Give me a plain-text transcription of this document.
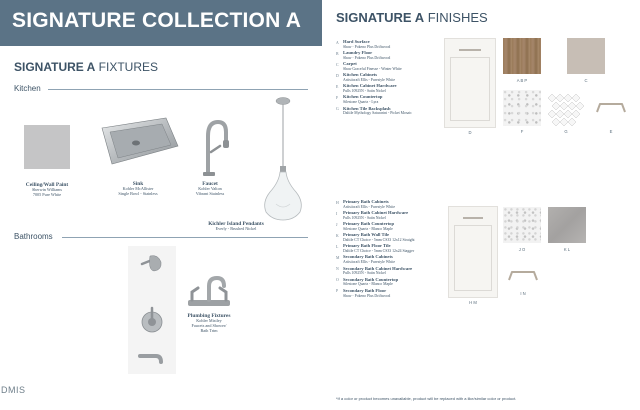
SIGNATURE COLLECTION A	SIGNATURE A FINISHES
SIGNATURE A FIXTURES
Kitchen
Ceiling/Wall Paint
Sherwin Williams
7005 Pure White
Sink
Kohler McAllister
Single Bowl - Stainless
Faucet
Kohler Valton
Vibrant Stainless
Kichler Island Pendants
Everly - Brushed Nickel
Bathrooms
Plumbing Fixtures
Kohler Mistley
Faucets and Shower/
Bath Trim
A Hard Surface
Shaw - Pokeno Plus Driftwood
B Laundry Floor
Shaw - Pokeno Plus Driftwood
C Carpet
Shaw Graceful Finesse - Winter White
D Kitchen Cabinets
Artisticraft Ellis - Purestyle White
E Kitchen Cabinet Hardware
Pulls 10925N - Satin Nickel
F Kitchen Countertop
Silestone Quartz - Lyra
G Kitchen Tile Backsplash
Daltile Mythology Saturarini - Picket Mosaic
D
A B P	C
F	G	E
H Primary Bath Cabinets
Artisticraft Ellis - Purestyle White
I Primary Bath Cabinet Hardware
Pulls 10925N - Satin Nickel
J Primary Bath Countertop
Silestone Quartz - Blanco Maple
K Primary Bath Wall Tile
Daltile CT Choice - 5mm CS33 12x12 Straight
L Primary Bath Floor Tile
Daltile CT Choice - 5mm CS33 12x24 Stagger
M Secondary Bath Cabinets
Artisticraft Ellis - Purestyle White
N Secondary Bath Cabinet Hardware
Pulls 10925N - Satin Nickel
O Secondary Bath Countertop
Silestone Quartz - Blanco Maple
P Secondary Bath Floor
Shaw - Pokeno Plus Driftwood
H M
J O	K L
I N
*If a color or product becomes unavailable, product will be replaced with a like/similar color or product.
DMIS
